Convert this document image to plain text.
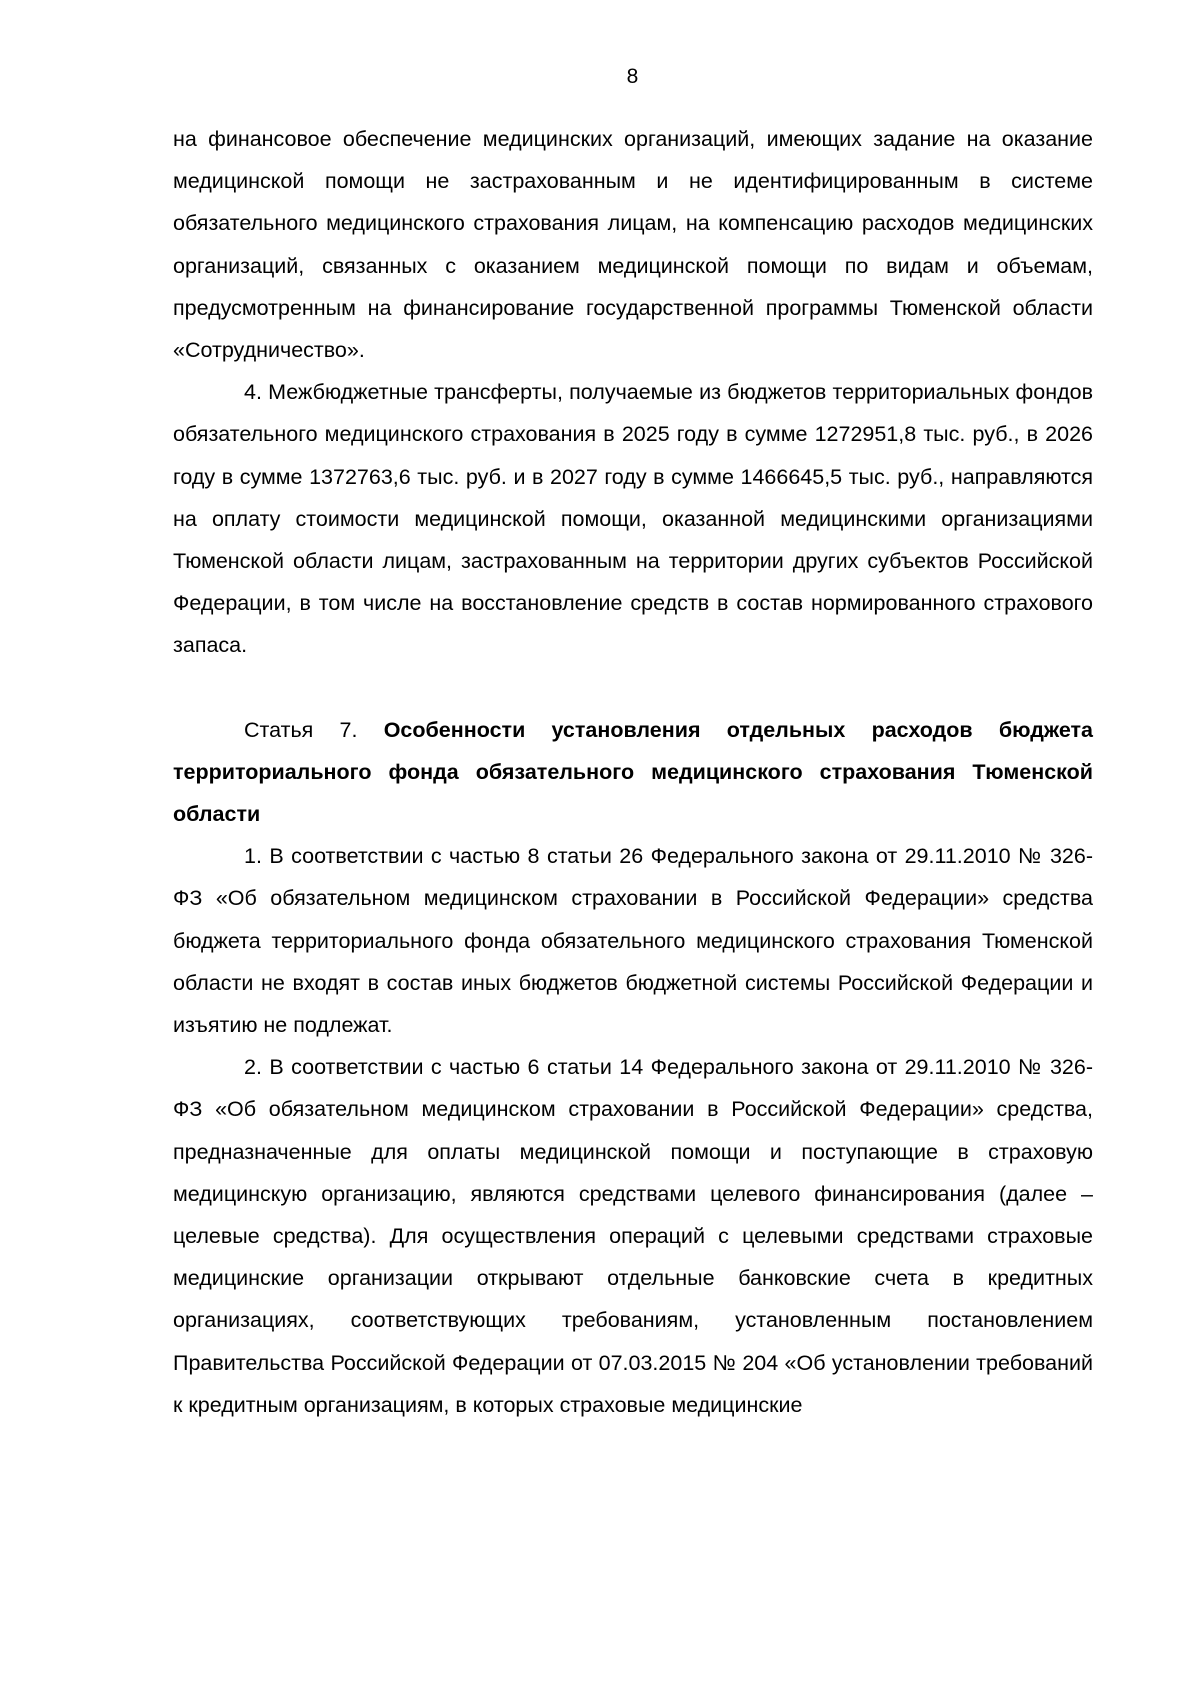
8

на финансовое обеспечение медицинских организаций, имеющих задание на оказание медицинской помощи не застрахованным и не идентифицированным в системе обязательного медицинского страхования лицам, на компенсацию расходов медицинских организаций, связанных с оказанием медицинской помощи по видам и объемам, предусмотренным на финансирование государственной программы Тюменской области «Сотрудничество».

4. Межбюджетные трансферты, получаемые из бюджетов территориальных фондов обязательного медицинского страхования в 2025 году в сумме 1272951,8 тыс. руб., в 2026 году в сумме 1372763,6 тыс. руб. и в 2027 году в сумме 1466645,5 тыс. руб., направляются на оплату стоимости медицинской помощи, оказанной медицинскими организациями Тюменской области лицам, застрахованным на территории других субъектов Российской Федерации, в том числе на восстановление средств в состав нормированного страхового запаса.

Статья 7. Особенности установления отдельных расходов бюджета территориального фонда обязательного медицинского страхования Тюменской области

1. В соответствии с частью 8 статьи 26 Федерального закона от 29.11.2010 № 326-ФЗ «Об обязательном медицинском страховании в Российской Федерации» средства бюджета территориального фонда обязательного медицинского страхования Тюменской области не входят в состав иных бюджетов бюджетной системы Российской Федерации и изъятию не подлежат.

2. В соответствии с частью 6 статьи 14 Федерального закона от 29.11.2010 № 326-ФЗ «Об обязательном медицинском страховании в Российской Федерации» средства, предназначенные для оплаты медицинской помощи и поступающие в страховую медицинскую организацию, являются средствами целевого финансирования (далее – целевые средства). Для осуществления операций с целевыми средствами страховые медицинские организации открывают отдельные банковские счета в кредитных организациях, соответствующих требованиям, установленным постановлением Правительства Российской Федерации от 07.03.2015 № 204 «Об установлении требований к кредитным организациям, в которых страховые медицинские
